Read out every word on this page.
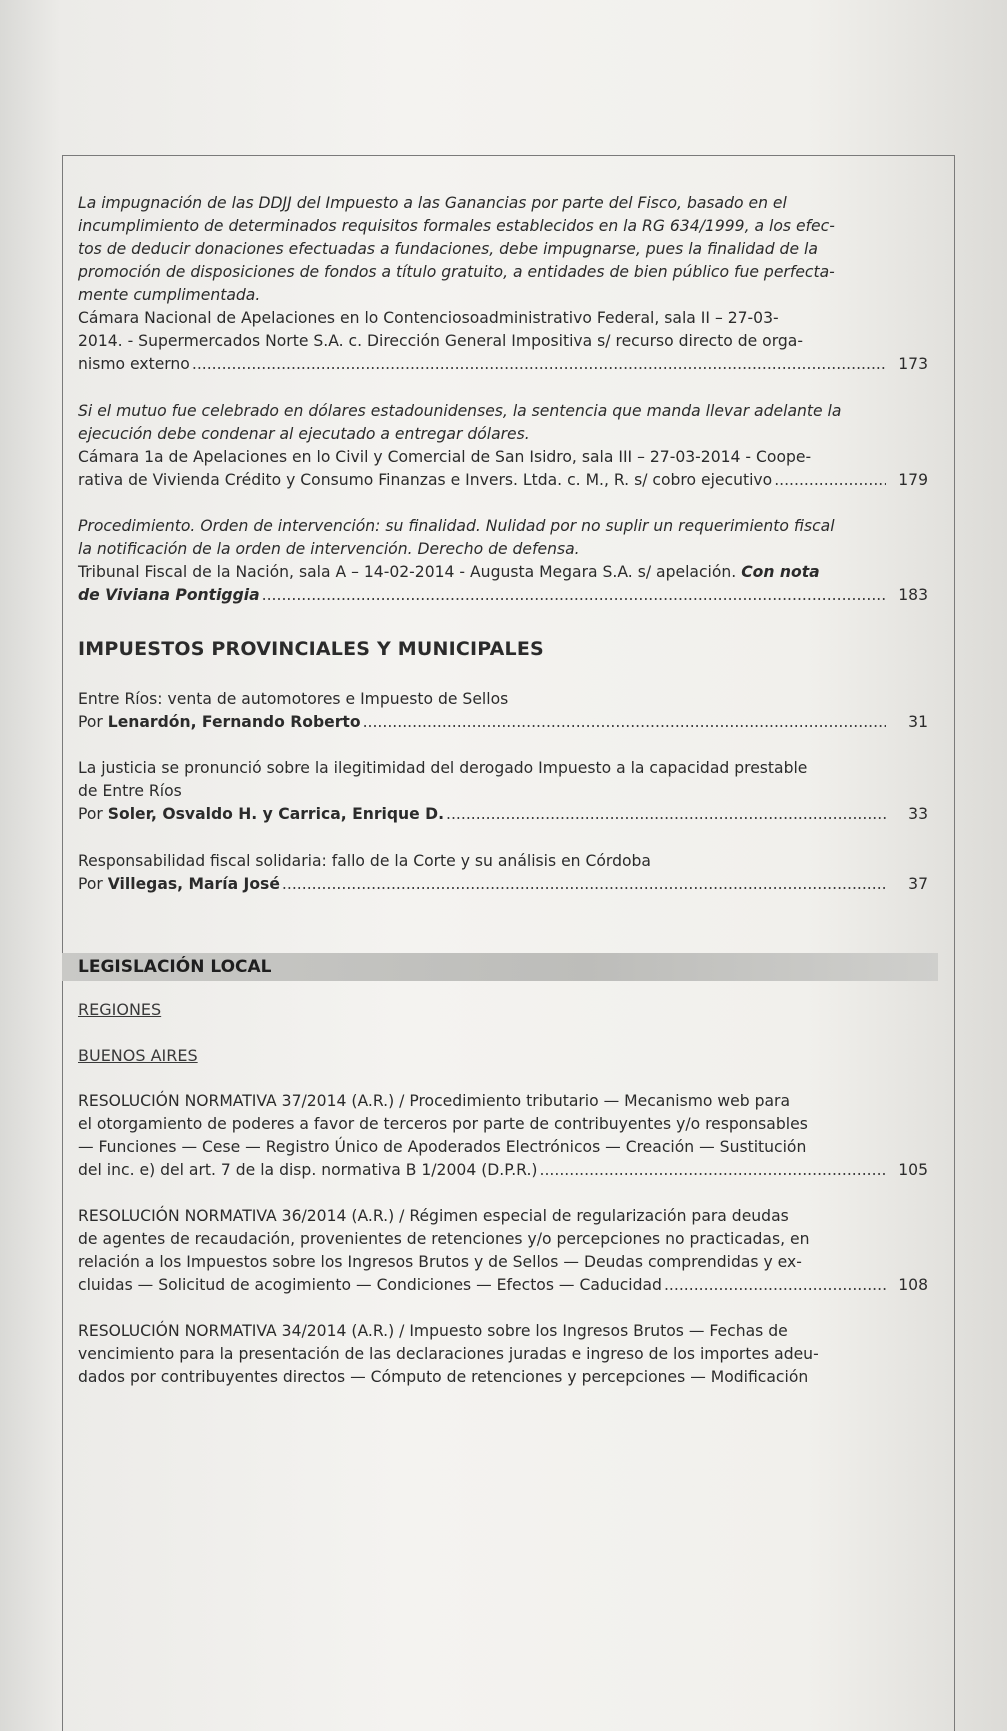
La impugnación de las DDJJ del Impuesto a las Ganancias por parte del Fisco, basado en el

incumplimiento de determinados requisitos formales establecidos en la RG 634/1999, a los efec-

tos de deducir donaciones efectuadas a fundaciones, debe impugnarse, pues la finalidad de la

promoción de disposiciones de fondos a título gratuito, a entidades de bien público fue perfecta-

mente cumplimentada.

Cámara Nacional de Apelaciones en lo Contenciosoadministrativo Federal, sala II – 27-03-

2014. - Supermercados Norte S.A. c. Dirección General Impositiva s/ recurso directo de orga-

nismo externo .....	173

Si el mutuo fue celebrado en dólares estadounidenses, la sentencia que manda llevar adelante la

ejecución debe condenar al ejecutado a entregar dólares.

Cámara 1a de Apelaciones en lo Civil y Comercial de San Isidro, sala III – 27-03-2014 - Coope-

rativa de Vivienda Crédito y Consumo Finanzas e Invers. Ltda. c. M., R. s/ cobro ejecutivo .....	179

Procedimiento. Orden de intervención: su finalidad. Nulidad por no suplir un requerimiento fiscal

la notificación de la orden de intervención. Derecho de defensa.

Tribunal Fiscal de la Nación, sala A – 14-02-2014 - Augusta Megara S.A. s/ apelación. Con nota

de Viviana Pontiggia .....	183
IMPUESTOS PROVINCIALES Y MUNICIPALES

Entre Ríos: venta de automotores e Impuesto de Sellos

Por Lenardón, Fernando Roberto .....	31

La justicia se pronunció sobre la ilegitimidad del derogado Impuesto a la capacidad prestable

de Entre Ríos

Por Soler, Osvaldo H. y Carrica, Enrique D. .....	33

Responsabilidad fiscal solidaria: fallo de la Corte y su análisis en Córdoba

Por Villegas, María José .....	37
LEGISLACIÓN LOCAL
REGIONES
BUENOS AIRES

RESOLUCIÓN NORMATIVA 37/2014 (A.R.) / Procedimiento tributario — Mecanismo web para

el otorgamiento de poderes a favor de terceros por parte de contribuyentes y/o responsables

— Funciones — Cese — Registro Único de Apoderados Electrónicos — Creación — Sustitución

del inc. e) del art. 7 de la disp. normativa B 1/2004 (D.P.R.) .....	105

RESOLUCIÓN NORMATIVA 36/2014 (A.R.) / Régimen especial de regularización para deudas

de agentes de recaudación, provenientes de retenciones y/o percepciones no practicadas, en

relación a los Impuestos sobre los Ingresos Brutos y de Sellos — Deudas comprendidas y ex-

cluidas — Solicitud de acogimiento — Condiciones — Efectos — Caducidad .....	108

RESOLUCIÓN NORMATIVA 34/2014 (A.R.) / Impuesto sobre los Ingresos Brutos — Fechas de

vencimiento para la presentación de las declaraciones juradas e ingreso de los importes adeu-

dados por contribuyentes directos — Cómputo de retenciones y percepciones — Modificación
